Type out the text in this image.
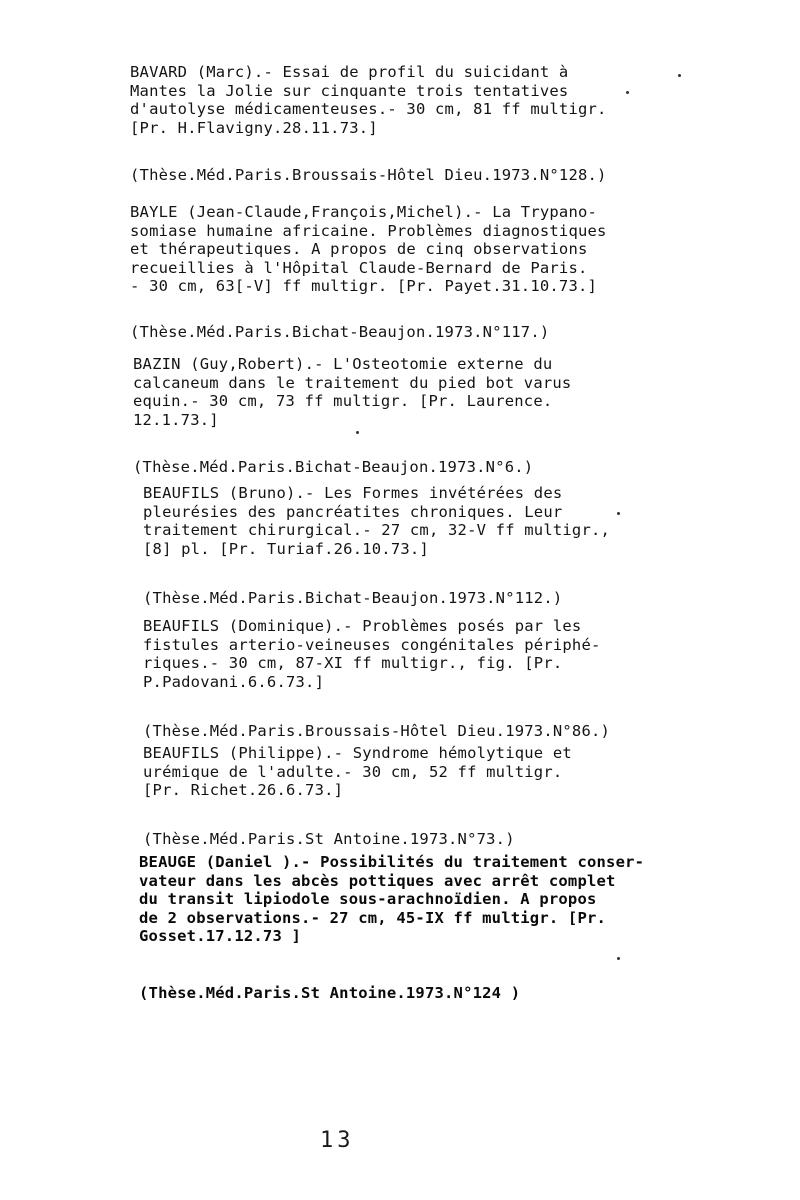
BAVARD (Marc).- Essai de profil du suicidant à
Mantes la Jolie sur cinquante trois tentatives
d'autolyse médicamenteuses.- 30 cm, 81 ff multigr.
[Pr. H.Flavigny.28.11.73.]
(Thèse.Méd.Paris.Broussais-Hôtel Dieu.1973.N°128.)
BAYLE (Jean-Claude,François,Michel).- La Trypano-
somiase humaine africaine. Problèmes diagnostiques
et thérapeutiques. A propos de cinq observations
recueillies à l'Hôpital Claude-Bernard de Paris.
- 30 cm, 63[-V] ff multigr. [Pr. Payet.31.10.73.]
(Thèse.Méd.Paris.Bichat-Beaujon.1973.N°117.)
BAZIN (Guy,Robert).- L'Osteotomie externe du
calcaneum dans le traitement du pied bot varus
equin.- 30 cm, 73 ff multigr. [Pr. Laurence.
12.1.73.]
(Thèse.Méd.Paris.Bichat-Beaujon.1973.N°6.)
BEAUFILS (Bruno).- Les Formes invétérées des
pleurésies des pancréatites chroniques. Leur
traitement chirurgical.- 27 cm, 32-V ff multigr.,
[8] pl. [Pr. Turiaf.26.10.73.]
(Thèse.Méd.Paris.Bichat-Beaujon.1973.N°112.)
BEAUFILS (Dominique).- Problèmes posés par les
fistules arterio-veineuses congénitales périphé-
riques.- 30 cm, 87-XI ff multigr., fig. [Pr.
P.Padovani.6.6.73.]
(Thèse.Méd.Paris.Broussais-Hôtel Dieu.1973.N°86.)
BEAUFILS (Philippe).- Syndrome hémolytique et
urémique de l'adulte.- 30 cm, 52 ff multigr.
[Pr. Richet.26.6.73.]
(Thèse.Méd.Paris.St Antoine.1973.N°73.)
BEAUGE (Daniel ).- Possibilités du traitement conser-
vateur dans les abcès pottiques avec arrêt complet
du transit lipiodole sous-arachnoïdien. A propos
de 2 observations.- 27 cm, 45-IX ff multigr. [Pr.
Gosset.17.12.73 ]
(Thèse.Méd.Paris.St Antoine.1973.N°124 )
13
